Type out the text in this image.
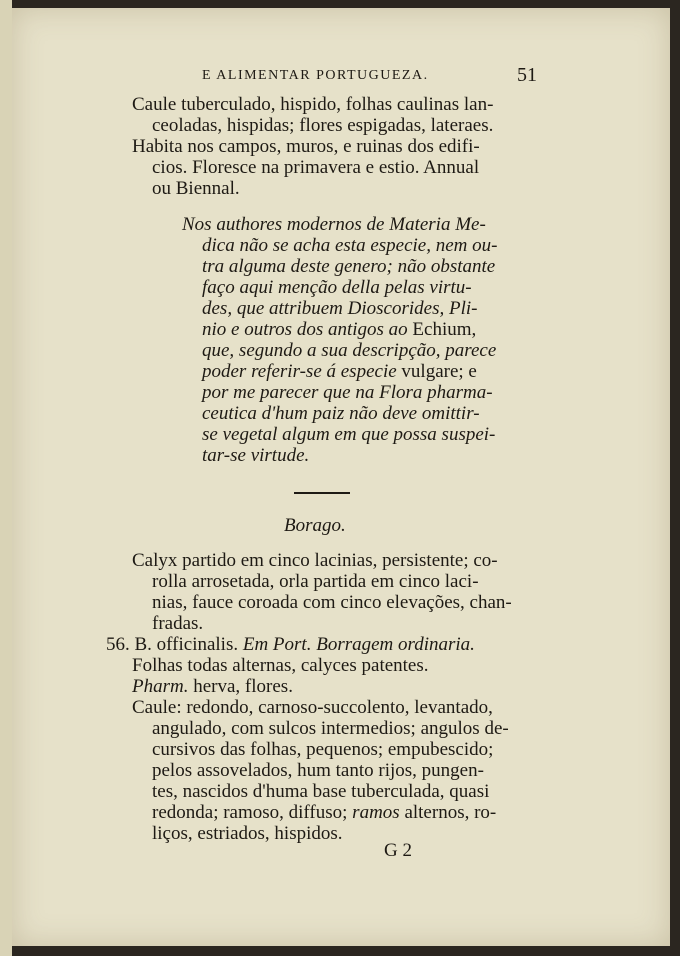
E ALIMENTAR PORTUGUEZA.	51
Caule tuberculado, hispido, folhas caulinas lan-
ceoladas, hispidas; flores espigadas, lateraes.
Habita nos campos, muros, e ruinas dos edifi-
cios. Floresce na primavera e estio. Annual
ou Biennal.
Nos authores modernos de Materia Me-
dica não se acha esta especie, nem ou-
tra alguma deste genero; não obstante
faço aqui menção della pelas virtu-
des, que attribuem Dioscorides, Pli-
nio e outros dos antigos ao Echium,
que, segundo a sua descripção, parece
poder referir-se á especie vulgare; e
por me parecer que na Flora pharma-
ceutica d'hum paiz não deve omittir-
se vegetal algum em que possa suspei-
tar-se virtude.
Borago.
Calyx partido em cinco lacinias, persistente; co-
rolla arrosetada, orla partida em cinco laci-
nias, fauce coroada com cinco elevações, chan-
fradas.
56. B. officinalis. Em Port. Borragem ordinaria.
Folhas todas alternas, calyces patentes.
Pharm. herva, flores.
Caule: redondo, carnoso-succolento, levantado,
angulado, com sulcos intermedios; angulos de-
cursivos das folhas, pequenos; empubescido;
pelos assovelados, hum tanto rijos, pungen-
tes, nascidos d'huma base tuberculada, quasi
redonda; ramoso, diffuso; ramos alternos, ro-
liços, estriados, hispidos.
G 2
